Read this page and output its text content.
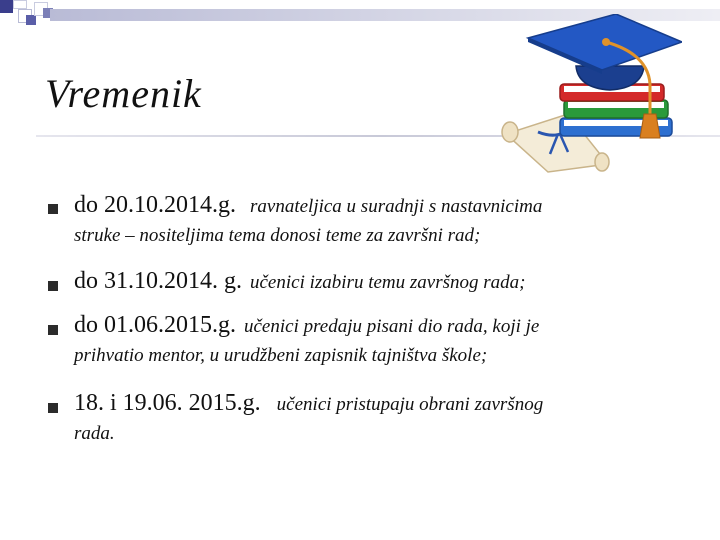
Vremenik
do 20.10.2014.g. ravnateljica u suradnji s nastavnicima
struke – nositeljima tema donosi teme za završni rad;
do 31.10.2014. g. učenici izabiru temu završnog rada;
do 01.06.2015.g. učenici predaju pisani dio rada, koji je
prihvatio mentor, u urudžbeni zapisnik tajništva škole;
18. i 19.06. 2015.g. učenici pristupaju obrani završnog
rada.
